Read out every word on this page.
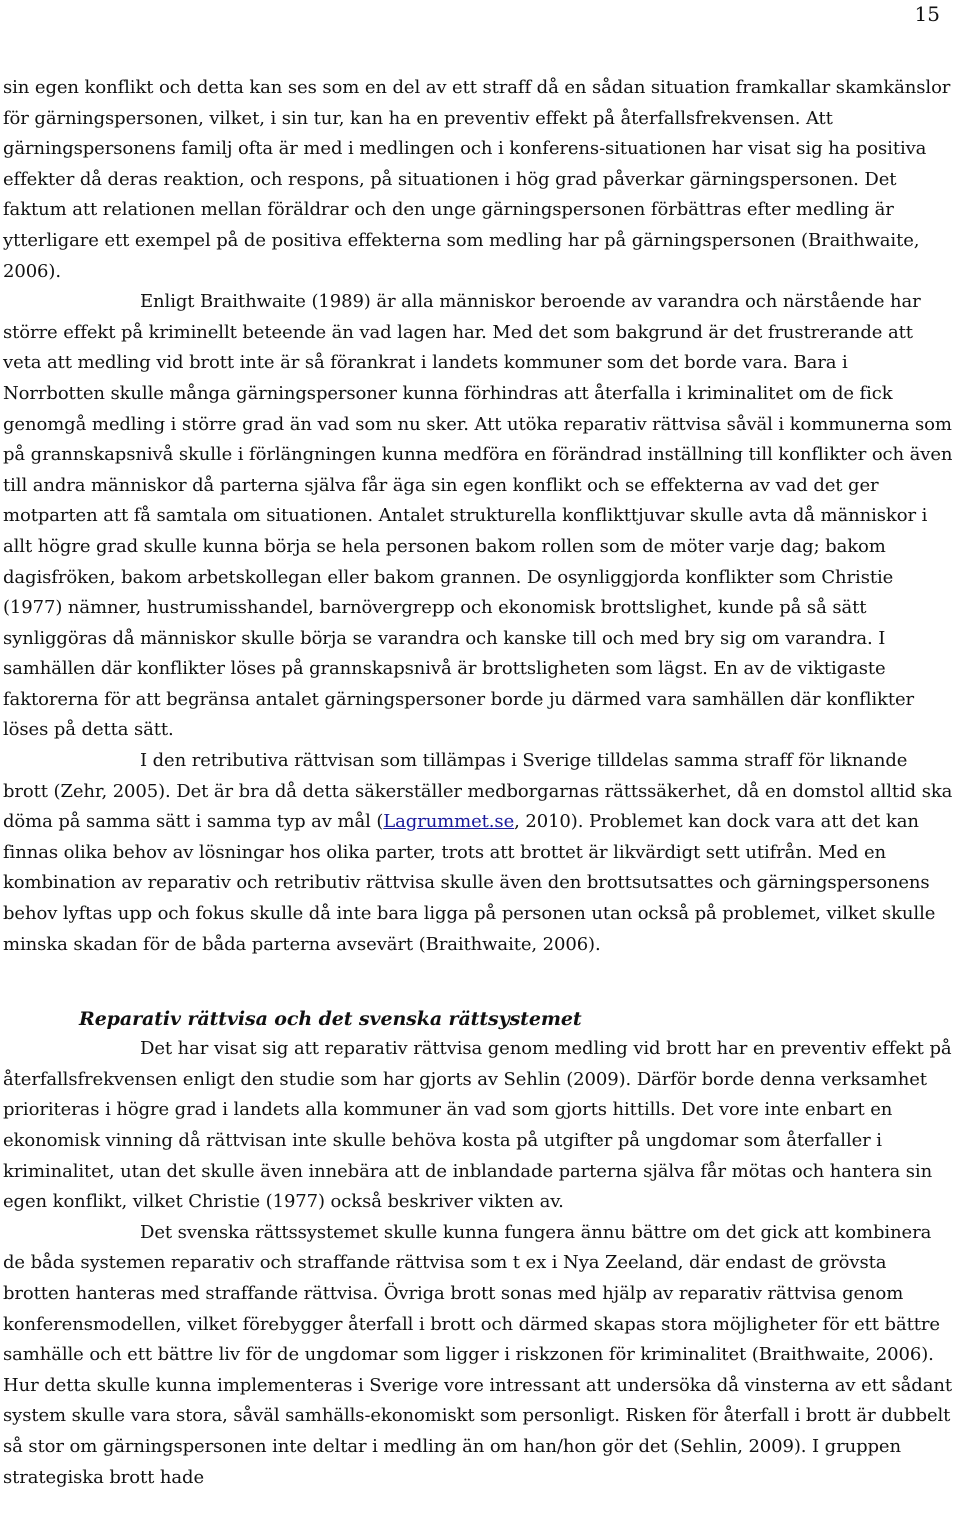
15

sin egen konflikt och detta kan ses som en del av ett straff då en sådan situation framkallar skamkänslor för gärningspersonen, vilket, i sin tur, kan ha en preventiv effekt på återfallsfrekvensen. Att gärningspersonens familj ofta är med i medlingen och i konferens-situationen har visat sig ha positiva effekter då deras reaktion, och respons, på situationen i hög grad påverkar gärningspersonen. Det faktum att relationen mellan föräldrar och den unge gärningspersonen förbättras efter medling är ytterligare ett exempel på de positiva effekterna som medling har på gärningspersonen (Braithwaite, 2006).

Enligt Braithwaite (1989) är alla människor beroende av varandra och närstående har större effekt på kriminellt beteende än vad lagen har. Med det som bakgrund är det frustrerande att veta att medling vid brott inte är så förankrat i landets kommuner som det borde vara. Bara i Norrbotten skulle många gärningspersoner kunna förhindras att återfalla i kriminalitet om de fick genomgå medling i större grad än vad som nu sker. Att utöka reparativ rättvisa såväl i kommunerna som på grannskapsnivå skulle i förlängningen kunna medföra en förändrad inställning till konflikter och även till andra människor då parterna själva får äga sin egen konflikt och se effekterna av vad det ger motparten att få samtala om situationen. Antalet strukturella konflikttjuvar skulle avta då människor i allt högre grad skulle kunna börja se hela personen bakom rollen som de möter varje dag; bakom dagisfröken, bakom arbetskollegan eller bakom grannen. De osynliggjorda konflikter som Christie (1977) nämner, hustrumisshandel, barnövergrepp och ekonomisk brottslighet, kunde på så sätt synliggöras då människor skulle börja se varandra och kanske till och med bry sig om varandra. I samhällen där konflikter löses på grannskapsnivå är brottsligheten som lägst. En av de viktigaste faktorerna för att begränsa antalet gärningspersoner borde ju därmed vara samhällen där konflikter löses på detta sätt.

I den retributiva rättvisan som tillämpas i Sverige tilldelas samma straff för liknande brott (Zehr, 2005). Det är bra då detta säkerställer medborgarnas rättssäkerhet, då en domstol alltid ska döma på samma sätt i samma typ av mål (Lagrummet.se, 2010). Problemet kan dock vara att det kan finnas olika behov av lösningar hos olika parter, trots att brottet är likvärdigt sett utifrån. Med en kombination av reparativ och retributiv rättvisa skulle även den brottsutsattes och gärningspersonens behov lyftas upp och fokus skulle då inte bara ligga på personen utan också på problemet, vilket skulle minska skadan för de båda parterna avsevärt (Braithwaite, 2006).

Reparativ rättvisa och det svenska rättsystemet

Det har visat sig att reparativ rättvisa genom medling vid brott har en preventiv effekt på återfallsfrekvensen enligt den studie som har gjorts av Sehlin (2009). Därför borde denna verksamhet prioriteras i högre grad i landets alla kommuner än vad som gjorts hittills. Det vore inte enbart en ekonomisk vinning då rättvisan inte skulle behöva kosta på utgifter på ungdomar som återfaller i kriminalitet, utan det skulle även innebära att de inblandade parterna själva får mötas och hantera sin egen konflikt, vilket Christie (1977) också beskriver vikten av.

Det svenska rättssystemet skulle kunna fungera ännu bättre om det gick att kombinera de båda systemen reparativ och straffande rättvisa som t ex i Nya Zeeland, där endast de grövsta brotten hanteras med straffande rättvisa. Övriga brott sonas med hjälp av reparativ rättvisa genom konferensmodellen, vilket förebygger återfall i brott och därmed skapas stora möjligheter för ett bättre samhälle och ett bättre liv för de ungdomar som ligger i riskzonen för kriminalitet (Braithwaite, 2006). Hur detta skulle kunna implementeras i Sverige vore intressant att undersöka då vinsterna av ett sådant system skulle vara stora, såväl samhälls-ekonomiskt som personligt. Risken för återfall i brott är dubbelt så stor om gärningspersonen inte deltar i medling än om han/hon gör det (Sehlin, 2009). I gruppen strategiska brott hade
